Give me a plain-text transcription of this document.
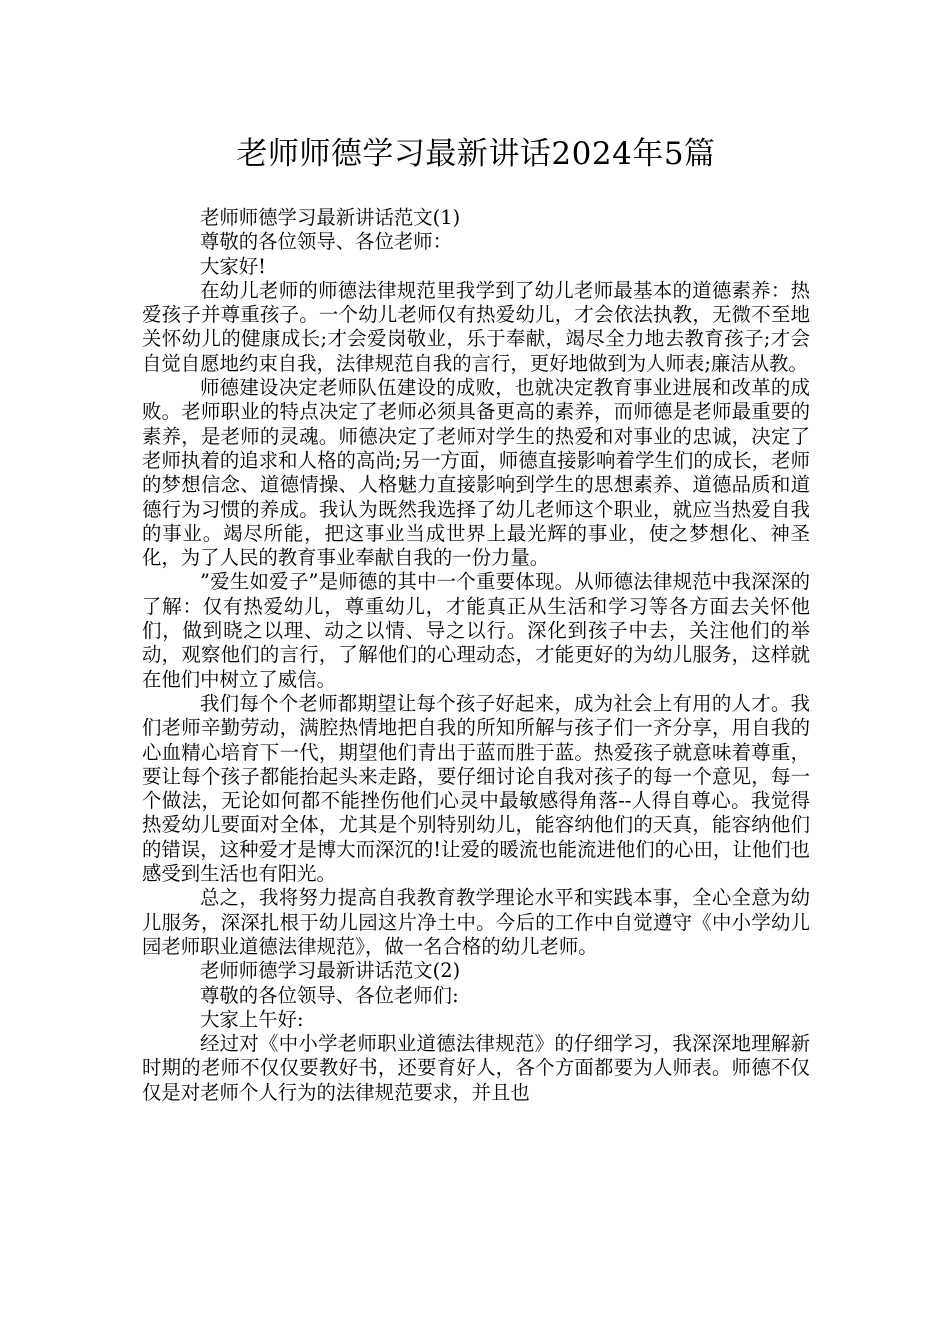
老师师德学习最新讲话2024年5篇

老师师德学习最新讲话范文(1)

尊敬的各位领导、各位老师：

大家好!

在幼儿老师的师德法律规范里我学到了幼儿老师最基本的道德素养：热爱孩子并尊重孩子。一个幼儿老师仅有热爱幼儿，才会依法执教，无微不至地关怀幼儿的健康成长;才会爱岗敬业，乐于奉献，竭尽全力地去教育孩子;才会自觉自愿地约束自我，法律规范自我的言行，更好地做到为人师表;廉洁从教。

师德建设决定老师队伍建设的成败，也就决定教育事业进展和改革的成败。老师职业的特点决定了老师必须具备更高的素养，而师德是老师最重要的素养，是老师的灵魂。师德决定了老师对学生的热爱和对事业的忠诚，决定了老师执着的追求和人格的高尚;另一方面，师德直接影响着学生们的成长，老师的梦想信念、道德情操、人格魅力直接影响到学生的思想素养、道德品质和道德行为习惯的养成。我认为既然我选择了幼儿老师这个职业，就应当热爱自我的事业。竭尽所能，把这事业当成世界上最光辉的事业，使之梦想化、神圣化，为了人民的教育事业奉献自我的一份力量。

”爱生如爱子”是师德的其中一个重要体现。从师德法律规范中我深深的了解：仅有热爱幼儿，尊重幼儿，才能真正从生活和学习等各方面去关怀他们，做到晓之以理、动之以情、导之以行。深化到孩子中去，关注他们的举动，观察他们的言行，了解他们的心理动态，才能更好的为幼儿服务，这样就在他们中树立了威信。

我们每个个老师都期望让每个孩子好起来，成为社会上有用的人才。我们老师辛勤劳动，满腔热情地把自我的所知所解与孩子们一齐分享，用自我的心血精心培育下一代，期望他们青出于蓝而胜于蓝。热爱孩子就意味着尊重，要让每个孩子都能抬起头来走路，要仔细讨论自我对孩子的每一个意见，每一个做法，无论如何都不能挫伤他们心灵中最敏感得角落--人得自尊心。我觉得热爱幼儿要面对全体，尤其是个别特别幼儿，能容纳他们的天真，能容纳他们的错误，这种爱才是博大而深沉的!让爱的暖流也能流进他们的心田，让他们也感受到生活也有阳光。

总之，我将努力提高自我教育教学理论水平和实践本事，全心全意为幼儿服务，深深扎根于幼儿园这片净土中。今后的工作中自觉遵守《中小学幼儿园老师职业道德法律规范》，做一名合格的幼儿老师。

老师师德学习最新讲话范文(2)

尊敬的各位领导、各位老师们:

大家上午好:

经过对《中小学老师职业道德法律规范》的仔细学习，我深深地理解新时期的老师不仅仅要教好书，还要育好人，各个方面都要为人师表。师德不仅仅是对老师个人行为的法律规范要求，并且也
